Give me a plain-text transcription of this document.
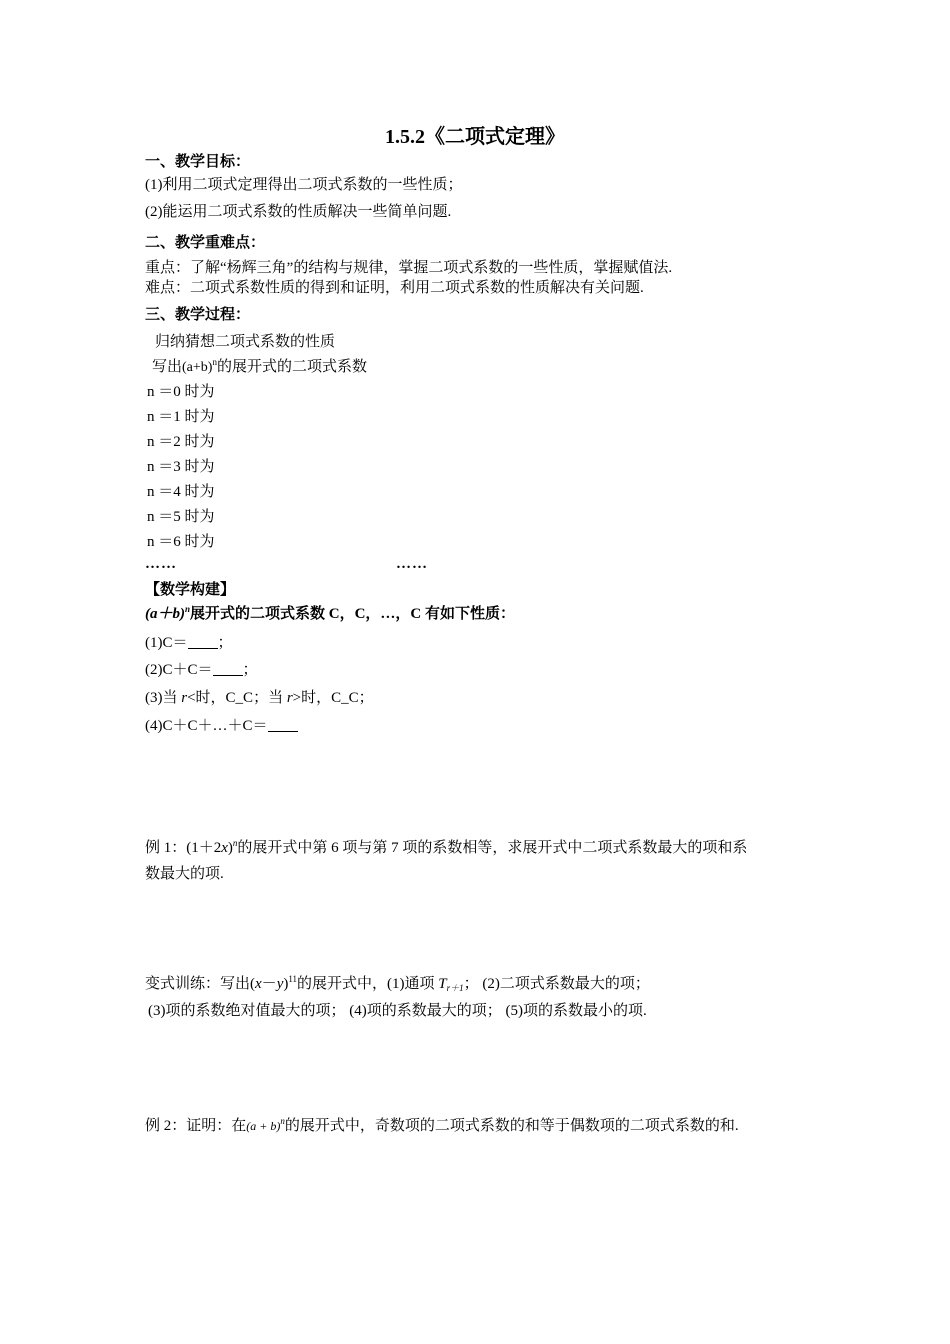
1.5.2《二项式定理》
一、教学目标：
(1)利用二项式定理得出二项式系数的一些性质；
(2)能运用二项式系数的性质解决一些简单问题.
二、教学重难点：
重点：了解“杨辉三角”的结构与规律，掌握二项式系数的一些性质，掌握赋值法.
难点：二项式系数性质的得到和证明，利用二项式系数的性质解决有关问题.
三、教学过程：
归纳猜想二项式系数的性质
写出$(a+b)^n$的展开式的二项式系数
n ＝0 时为
n ＝1 时为
n ＝2 时为
n ＝3 时为
n ＝4 时为
n ＝5 时为
n ＝6 时为
……	……
【数学构建】
$(a+b)^n$展开式的二项式系数 C，C，…，C 有如下性质：
(1)C＝ ；
(2)C＋C＝ ；
(3)当 r<时，C_C；当 r>时，C_C；
(4)C＋C＋…＋C＝
例 1：$(1+2x)^n$的展开式中第 6 项与第 7 项的系数相等，求展开式中二项式系数最大的项和系
数最大的项.
变式训练：写出$(x-y)^{11}$的展开式中，(1)通项 $T_{r+1}$； (2)二项式系数最大的项；
(3)项的系数绝对值最大的项； (4)项的系数最大的项； (5)项的系数最小的项.
例 2：证明：在$(a + b)^n$的展开式中，奇数项的二项式系数的和等于偶数项的二项式系数的和.
